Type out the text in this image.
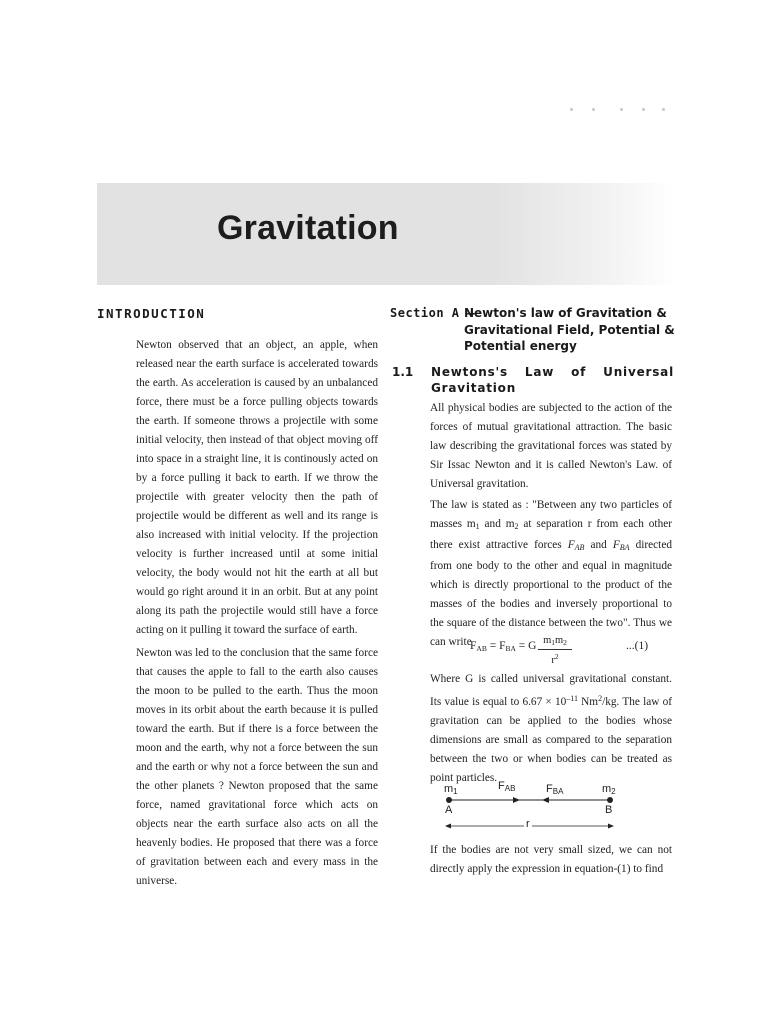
Gravitation
INTRODUCTION

Newton observed that an object, an apple, when released near the earth surface is accelerated towards the earth. As acceleration is caused by an unbalanced force, there must be a force pulling objects towards the earth. If someone throws a projectile with some initial velocity, then instead of that object moving off into space in a straight line, it is continously acted on by a force pulling it back to earth. If we throw the projectile with greater velocity then the path of projectile would be different as well and its range is also increased with initial velocity. If the projection velocity is further increased until at some initial velocity, the body would not hit the earth at all but would go right around it in an orbit. But at any point along its path the projectile would still have a force acting on it pulling it toward the surface of earth.

Newton was led to the conclusion that the same force that causes the apple to fall to the earth also causes the moon to be pulled to the earth. Thus the moon moves in its orbit about the earth because it is pulled toward the earth. But if there is a force between the moon and the earth, why not a force between the sun and the earth or why not a force between the sun and the other planets ? Newton proposed that the same force, named gravitational force which acts on objects near the earth surface also acts on all the heavenly bodies. He proposed that there was a force of gravitation between each and every mass in the universe.

Section A –
Newton's law of Gravitation & Gravitational Field, Potential & Potential energy
1.1 Newtons's Law of Universal Gravitation

All physical bodies are subjected to the action of the forces of mutual gravitational attraction. The basic law describing the gravitational forces was stated by Sir Issac Newton and it is called Newton's Law. of Universal gravitation.

The law is stated as : "Between any two particles of masses $m_1$ and $m_2$ at separation r from each other there exist attractive forces $F_{AB}$ and $F_{BA}$ directed from one body to the other and equal in magnitude which is directly proportional to the product of the masses of the bodies and inversely proportional to the square of the distance between the two". Thus we can write

$F_{AB} = F_{BA} = G \frac{m_1m_2}{r^2}$	...(1)

Where G is called universal gravitational constant. Its value is equal to $6.67 \times 10^{-11}$ Nm$^2$/kg. The law of gravitation can be applied to the bodies whose dimensions are small as compared to the separation between the two or when bodies can be treated as point particles.

$m_1$	$m_2$
$F_{AB}$	$F_{BA}$
A	B
r

If the bodies are not very small sized, we can not directly apply the expression in equation-(1) to find
